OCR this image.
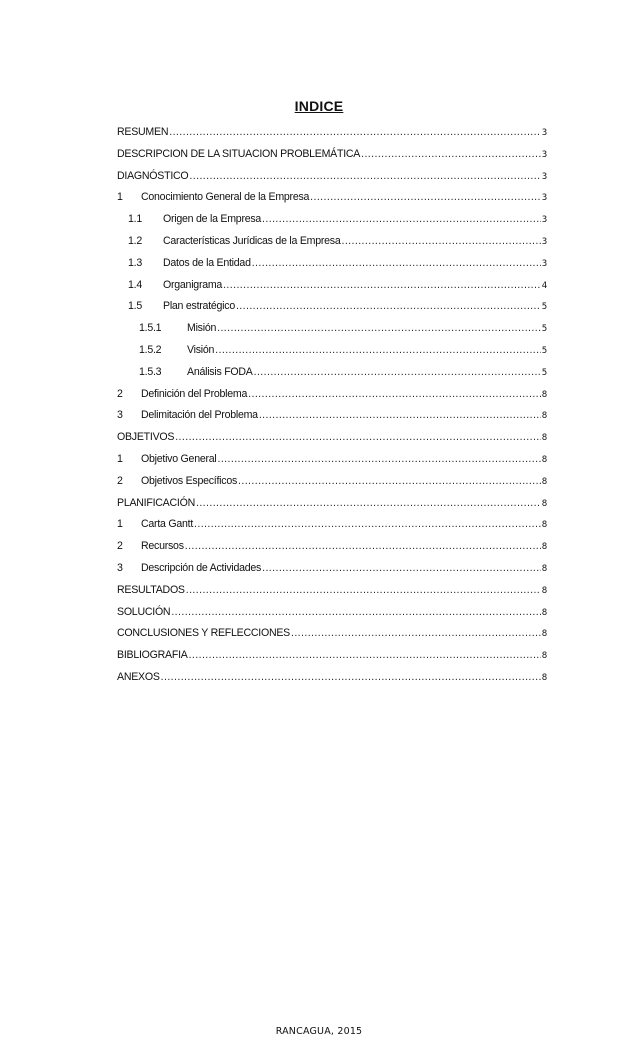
INDICE
RESUMEN .....	3
DESCRIPCION DE LA SITUACION PROBLEMÁTICA .....	3
DIAGNÓSTICO .....	3
1	Conocimiento General de la Empresa .....	3
1.1	Origen de la Empresa .....	3
1.2	Características Jurídicas de la Empresa .....	3
1.3	Datos de la Entidad .....	3
1.4	Organigrama .....	4
1.5	Plan estratégico .....	5
1.5.1	Misión .....	5
1.5.2	Visión .....	5
1.5.3	Análisis FODA .....	5
2	Definición del Problema .....	8
3	Delimitación del Problema .....	8
OBJETIVOS .....	8
1	Objetivo General .....	8
2	Objetivos Específicos .....	8
PLANIFICACIÓN .....	8
1	Carta Gantt .....	8
2	Recursos .....	8
3	Descripción de Actividades .....	8
RESULTADOS .....	8
SOLUCIÓN .....	8
CONCLUSIONES Y REFLECCIONES .....	8
BIBLIOGRAFIA .....	8
ANEXOS .....	8
RANCAGUA, 2015
